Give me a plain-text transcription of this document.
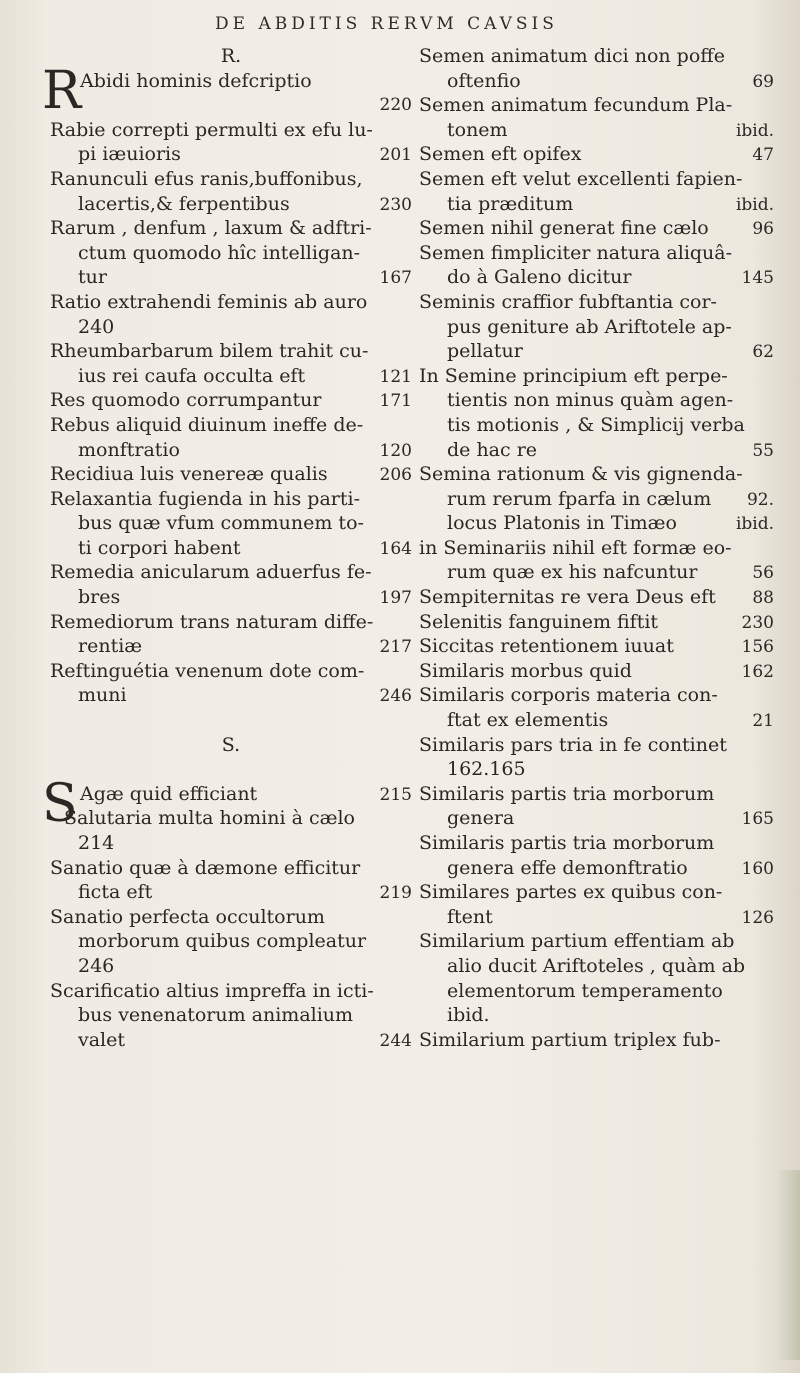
DE ABDITIS RERVM CAVSIS
R.
R
Abidi hominis defcriptio
220
Rabie correpti permulti ex efu lu-
pi iæuioris	201
Ranunculi efus ranis,buffonibus,
lacertis,& ferpentibus	230
Rarum , denfum , laxum & adftri-
ctum quomodo hîc intelligan-
tur	167
Ratio extrahendi feminis ab auro
240
Rheumbarbarum bilem trahit cu-
ius rei caufa occulta eft	121
Res quomodo corrumpantur	171
Rebus aliquid diuinum ineffe de-
monftratio	120
Recidiua luis venereæ qualis	206
Relaxantia fugienda in his parti-
bus quæ vfum communem to-
ti corpori habent	164
Remedia anicularum aduerfus fe-
bres	197
Remediorum trans naturam diffe-
rentiæ	217
Reftinguétia venenum dote com-
muni	246
S.
S Agæ quid efficiant	215
Salutaria multa homini à cælo
214
Sanatio quæ à dæmone efficitur
ficta eft	219
Sanatio perfecta occultorum
morborum quibus compleatur
246
Scarificatio altius impreffa in icti-
bus venenatorum animalium
valet	244
Semen animatum dici non poffe
oftenfio	69
Semen animatum fecundum Pla-
tonem	ibid.
Semen eft opifex	47
Semen eft velut excellenti fapien-
tia præditum	ibid.
Semen nihil generat fine cælo	96
Semen fimpliciter natura aliquâ-
do à Galeno dicitur	145
Seminis craffior fubftantia cor-
pus geniture ab Ariftotele ap-
pellatur	62
In Semine principium eft perpe-
tientis non minus quàm agen-
tis motionis , & Simplicij verba
de hac re	55
Semina rationum & vis gignenda-
rum rerum fparfa in cælum	92.
locus Platonis in Timæo	ibid.
in Seminariis nihil eft formæ eo-
rum quæ ex his nafcuntur	56
Sempiternitas re vera Deus eft	88
Selenitis fanguinem fiftit	230
Siccitas retentionem iuuat	156
Similaris morbus quid	162
Similaris corporis materia con-
ftat ex elementis	21
Similaris pars tria in fe continet
162.165
Similaris partis tria morborum
genera	165
Similaris partis tria morborum
genera effe demonftratio	160
Similares partes ex quibus con-
ftent	126
Similarium partium effentiam ab
alio ducit Ariftoteles , quàm ab
elementorum temperamento
ibid.
Similarium partium triplex fub-
